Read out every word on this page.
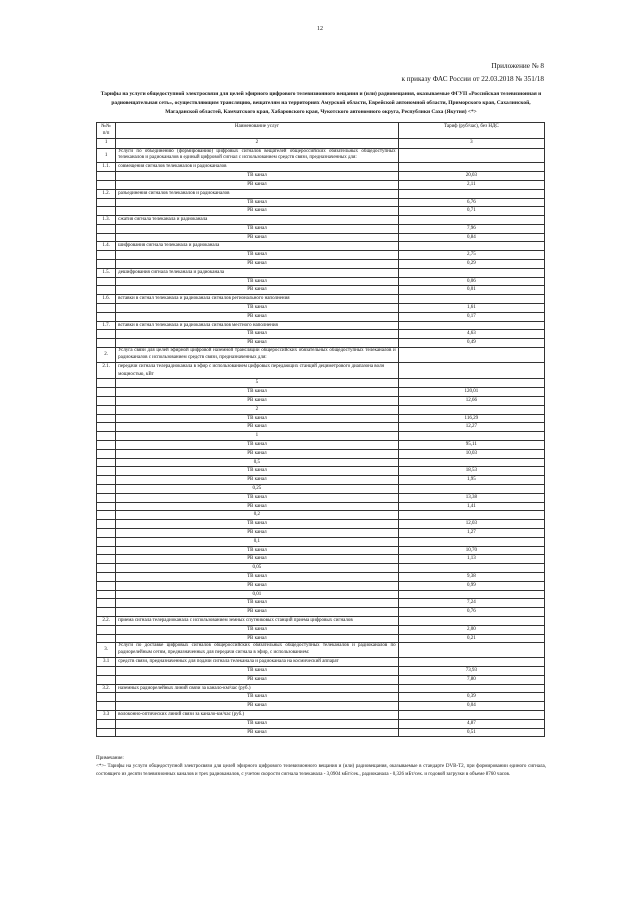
12
Приложение № 8
к приказу ФАС России от 22.03.2018 № 351/18
Тарифы на услуги общедоступной электросвязи для целей эфирного цифрового телевизионного вещания и (или) радиовещания, оказываемые ФГУП «Российская телевизионная и радиовещательная сеть», осуществляющим трансляцию, вещателям на территориях Амурской области, Еврейской автономной области, Приморского края, Сахалинской, Магаданской областей, Камчатского края, Хабаровского края, Чукотского автономного округа, Республики Саха (Якутия) <*>
№№ п/п	Наименование услуг	Тариф (руб/час), без НДС
1	2	3
1	Услуги по объединению (формированию) цифровых сигналов вещателей общероссийских обязательных общедоступных телеканалов и радиоканалов в единый цифровой сигнал с использованием средств связи, предназначенных для:	
1.1.	совмещения сигналов телеканалов и радиоканалов	
	ТВ канал	20,03
	РВ канал	2,11
1.2.	разъединения сигналов телеканалов и радиоканалов	
	ТВ канал	6,76
	РВ канал	0,71
1.3.	сжатия сигнала телеканала и радиоканала	
	ТВ канал	7,96
	РВ канал	0,84
1.4.	шифрования сигнала телеканала и радиоканала	
	ТВ канал	2,75
	РВ канал	0,29
1.5.	дешифрования сигнала телеканала и радиоканала	
	ТВ канал	0,06
	РВ канал	0,01
1.6.	вставки в сигнал телеканала и радиоканала сигналов регионального наполнения	
	ТВ канал	1,61
	РВ канал	0,17
1.7.	вставки в сигнал телеканала и радиоканала сигналов местного наполнения	
	ТВ канал	4,63
	РВ канал	0,49
2.	Услуга связи для целей эфирной цифровой наземной трансляции общероссийских обязательных общедоступных телеканалов и радиоканалов с использованием средств связи, предназначенных для:	
2.1.	передачи сигнала телерадиоканала в эфир с использованием цифровых передающих станций дециметрового диапазона волн мощностью, кВт	
	5	
	ТВ канал	120,01
	РВ канал	12,66
	2	
	ТВ канал	116,29
	РВ канал	12,27
	1	
	ТВ канал	95,11
	РВ канал	10,03
	0,5	
	ТВ канал	18,53
	РВ канал	1,95
	0,25	
	ТВ канал	13,38
	РВ канал	1,41
	0,2	
	ТВ канал	12,03
	РВ канал	1,27
	0,1	
	ТВ канал	10,70
	РВ канал	1,13
	0,05	
	ТВ канал	9,38
	РВ канал	0,99
	0,01	
	ТВ канал	7,24
	РВ канал	0,76
2.2.	приема сигнала телерадиоканала с использованием земных спутниковых станций приема цифровых сигналов	
	ТВ канал	2,00
	РВ канал	0,21
3.	Услуги по доставке цифровых сигналов общероссийских обязательных общедоступных телеканалов и радиоканалов по радиорелейным сетям, предназначенных для передачи сигнала в эфир, с использованием:	
3.1	средств связи, предназначенных для подачи сигнала телеканала и радиоканала на космический аппарат	
	ТВ канал	73,93
	РВ канал	7,80
3.2.	наземных радиорелейных линий связи за канало-км/час (руб.)	
	ТВ канал	0,39
	РВ канал	0,04
3.3	волоконно-оптических линий связи за канало-км/час (руб.)	
	ТВ канал	4,87
	РВ канал	0,51
Примечание:
<*>- Тарифы на услуги общедоступной электросвязи для целей эфирного цифрового телевизионного вещания и (или) радиовещания, оказываемые в стандарте DVB-T2, при формировании единого сигнала, состоящего из десяти телевизионных каналов и трех радиоканалов, с учетом скорости сигнала телеканала - 3,0904 мБт/сек., радиоканала - 0,326 мБт/сек. и годовой загрузки в объеме 8760 часов.
